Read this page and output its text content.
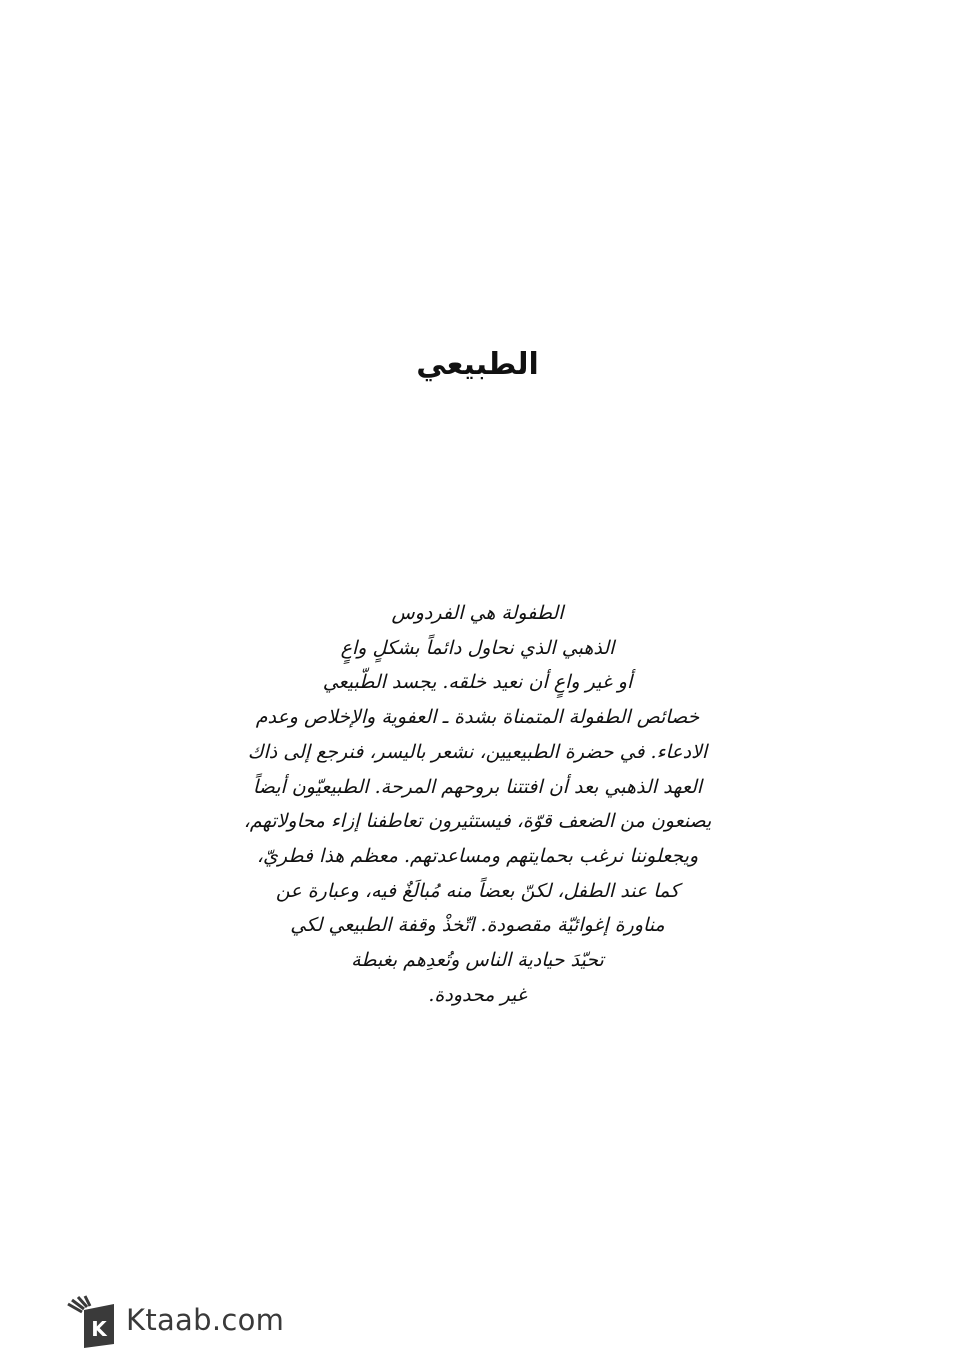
الطبيعي
الطفولة هي الفردوس
الذهبي الذي نحاول دائماً بشكلٍ واعٍ
أو غير واعٍ أن نعيد خلقه. يجسد الطّبيعي
خصائص الطفولة المتمناة بشدة ـ العفوية والإخلاص وعدم
الادعاء. في حضرة الطبيعيين، نشعر باليسر، فنرجع إلى ذاك
العهد الذهبي بعد أن افتتنا بروحهم المرحة. الطبيعيّون أيضاً
يصنعون من الضعف قوّة، فيستثيرون تعاطفنا إزاء محاولاتهم،
ويجعلوننا نرغب بحمايتهم ومساعدتهم. معظم هذا فطريّ،
كما عند الطفل، لكنّ بعضاً منه مُبالَغٌ فيه، وعبارة عن
مناورة إغوائيّة مقصودة. اتّخذْ وقفة الطبيعي لكي
تحيّدَ حيادية الناس وتُعدِهم بغبطة
غير محدودة.
K Ktaab.com
